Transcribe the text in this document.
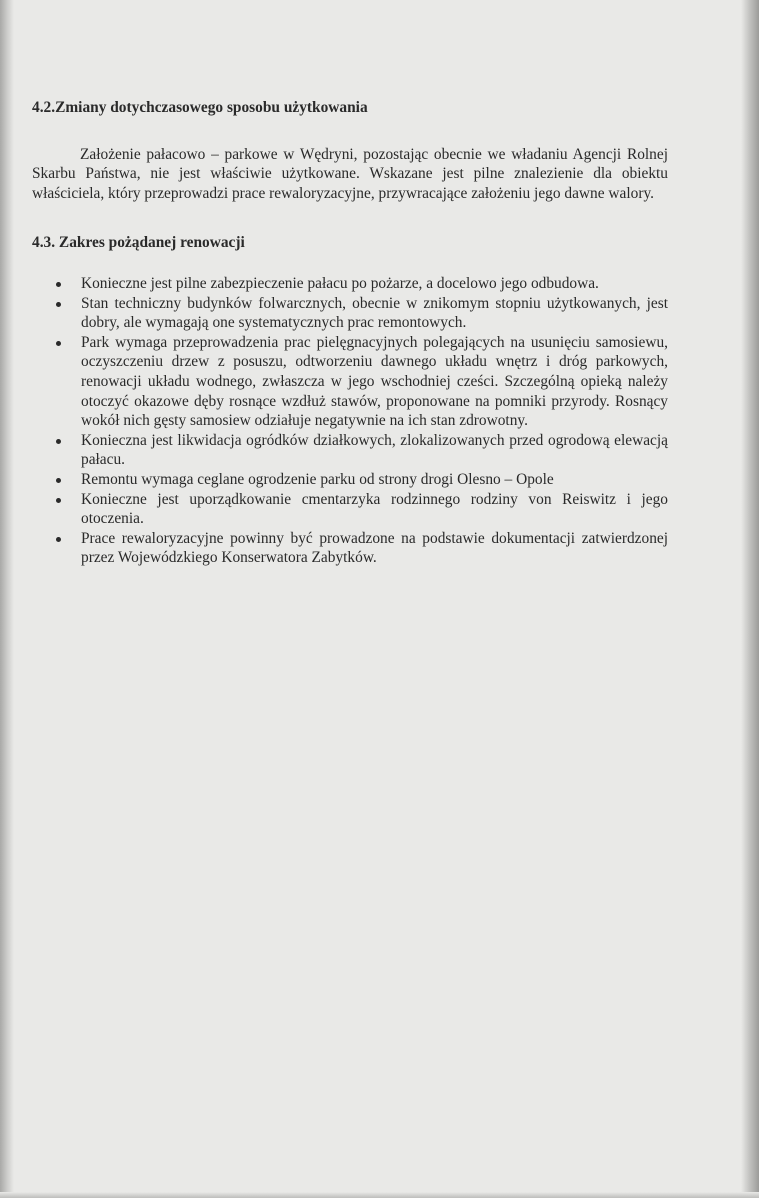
4.2.Zmiany dotychczasowego sposobu użytkowania

Założenie pałacowo – parkowe w Wędryni, pozostając obecnie we władaniu Agencji Rolnej Skarbu Państwa, nie jest właściwie użytkowane. Wskazane jest pilne znalezienie dla obiektu właściciela, który przeprowadzi prace rewaloryzacyjne, przywracające założeniu jego dawne walory.

4.3. Zakres pożądanej renowacji
Konieczne jest pilne zabezpieczenie pałacu po pożarze, a docelowo jego odbudowa.
Stan techniczny budynków folwarcznych, obecnie w znikomym stopniu użytkowanych, jest dobry, ale wymagają one systematycznych prac remontowych.
Park wymaga przeprowadzenia prac pielęgnacyjnych polegających na usunięciu samosiewu, oczyszczeniu drzew z posuszu, odtworzeniu dawnego układu wnętrz i dróg parkowych, renowacji układu wodnego, zwłaszcza w jego wschodniej cześci. Szczególną opieką należy otoczyć okazowe dęby rosnące wzdłuż stawów, proponowane na pomniki przyrody. Rosnący wokół nich gęsty samosiew odziałuje negatywnie na ich stan zdrowotny.
Konieczna jest likwidacja ogródków działkowych, zlokalizowanych przed ogrodową elewacją pałacu.
Remontu wymaga ceglane ogrodzenie parku od strony drogi Olesno – Opole
Konieczne jest uporządkowanie cmentarzyka rodzinnego rodziny von Reiswitz i jego otoczenia.
Prace rewaloryzacyjne powinny być prowadzone na podstawie dokumentacji zatwierdzonej przez Wojewódzkiego Konserwatora Zabytków.
